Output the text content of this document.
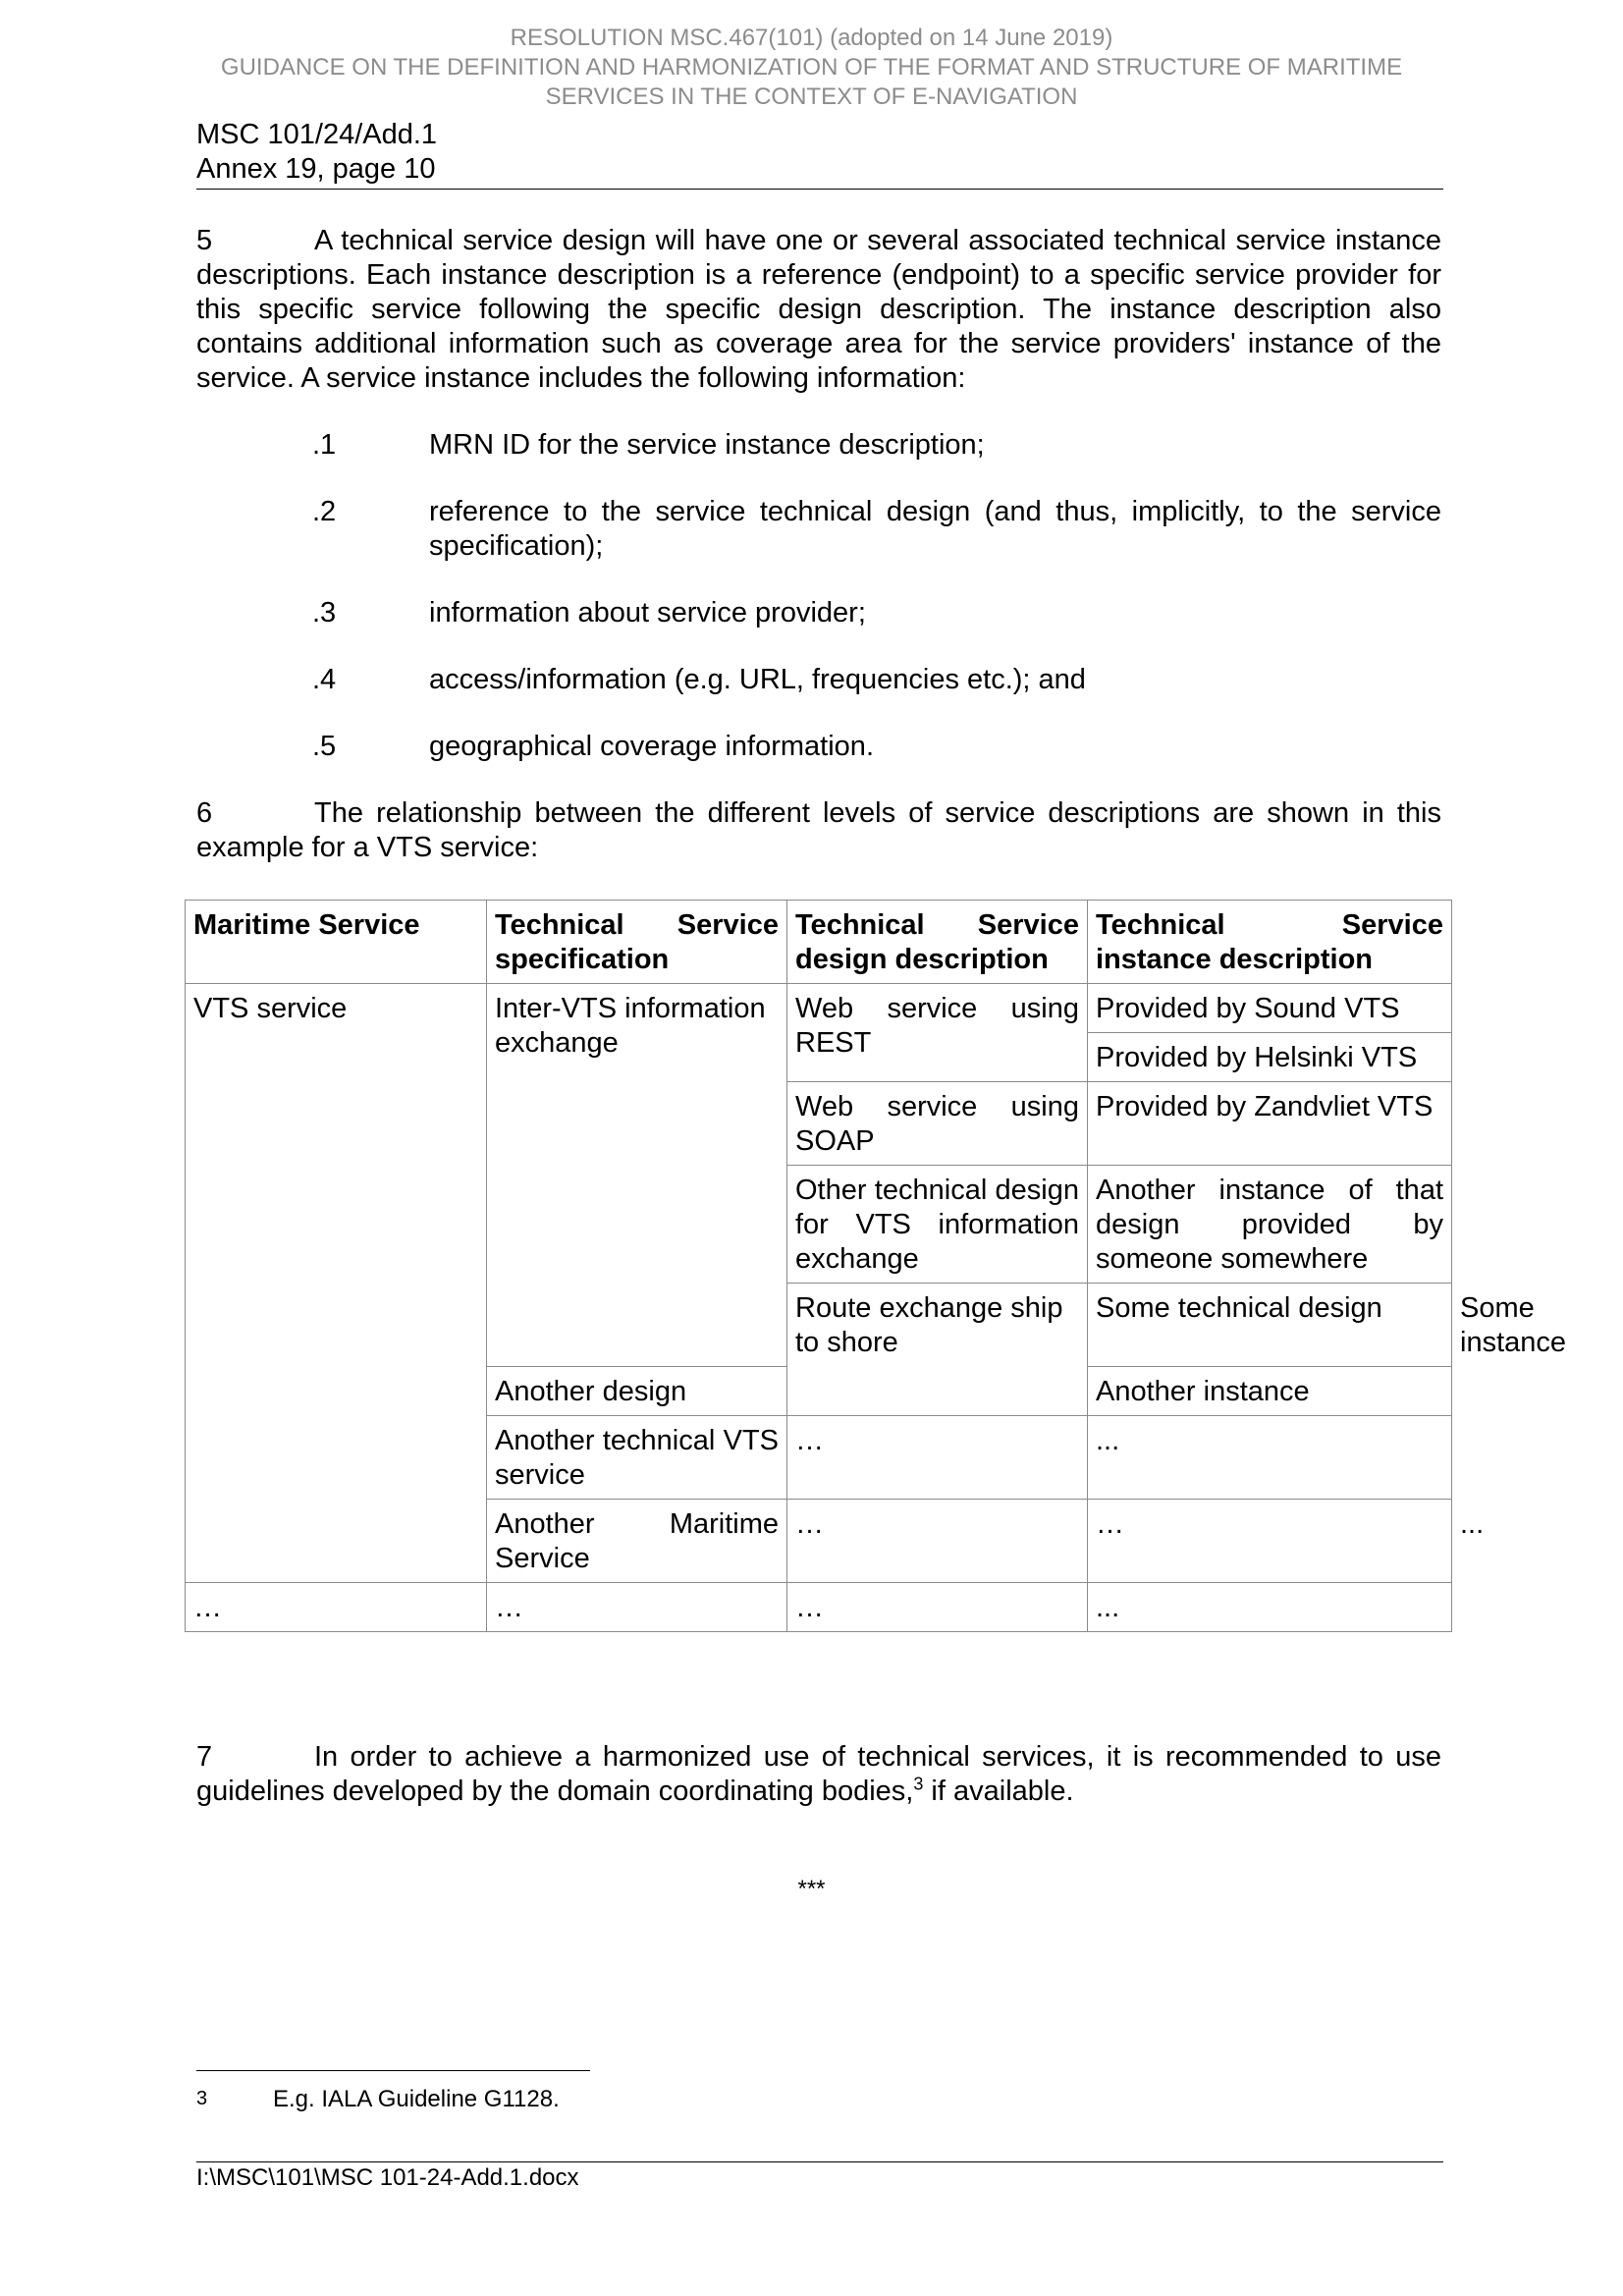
RESOLUTION MSC.467(101) (adopted on 14 June 2019)
GUIDANCE ON THE DEFINITION AND HARMONIZATION OF THE FORMAT AND STRUCTURE OF MARITIME
SERVICES IN THE CONTEXT OF E-NAVIGATION
MSC 101/24/Add.1
Annex 19, page 10
5	A technical service design will have one or several associated technical service instance descriptions. Each instance description is a reference (endpoint) to a specific service provider for this specific service following the specific design description. The instance description also contains additional information such as coverage area for the service providers' instance of the service. A service instance includes the following information:
.1	MRN ID for the service instance description;
.2	reference to the service technical design (and thus, implicitly, to the service specification);
.3	information about service provider;
.4	access/information (e.g. URL, frequencies etc.); and
.5	geographical coverage information.
6	The relationship between the different levels of service descriptions are shown in this example for a VTS service:
Maritime Service	Technical Service specification	Technical Service design description	Technical Service instance description	
VTS service	Inter-VTS information exchange	Web service using REST	Provided by Sound VTS	
			Provided by Helsinki VTS	
		Web service using SOAP	Provided by Zandvliet VTS	
		Other technical design for VTS information exchange	Another instance of that design provided by someone somewhere	
		Route exchange ship to shore	Some technical design	Some instance
	Another design		Another instance	
	Another technical VTS service	…	...	
	Another Maritime Service	…	…	...
…	…	…	...	
7	In order to achieve a harmonized use of technical services, it is recommended to use guidelines developed by the domain coordinating bodies,$^3$ if available.
***
3	E.g. IALA Guideline G1128.
I:\MSC\101\MSC 101-24-Add.1.docx
